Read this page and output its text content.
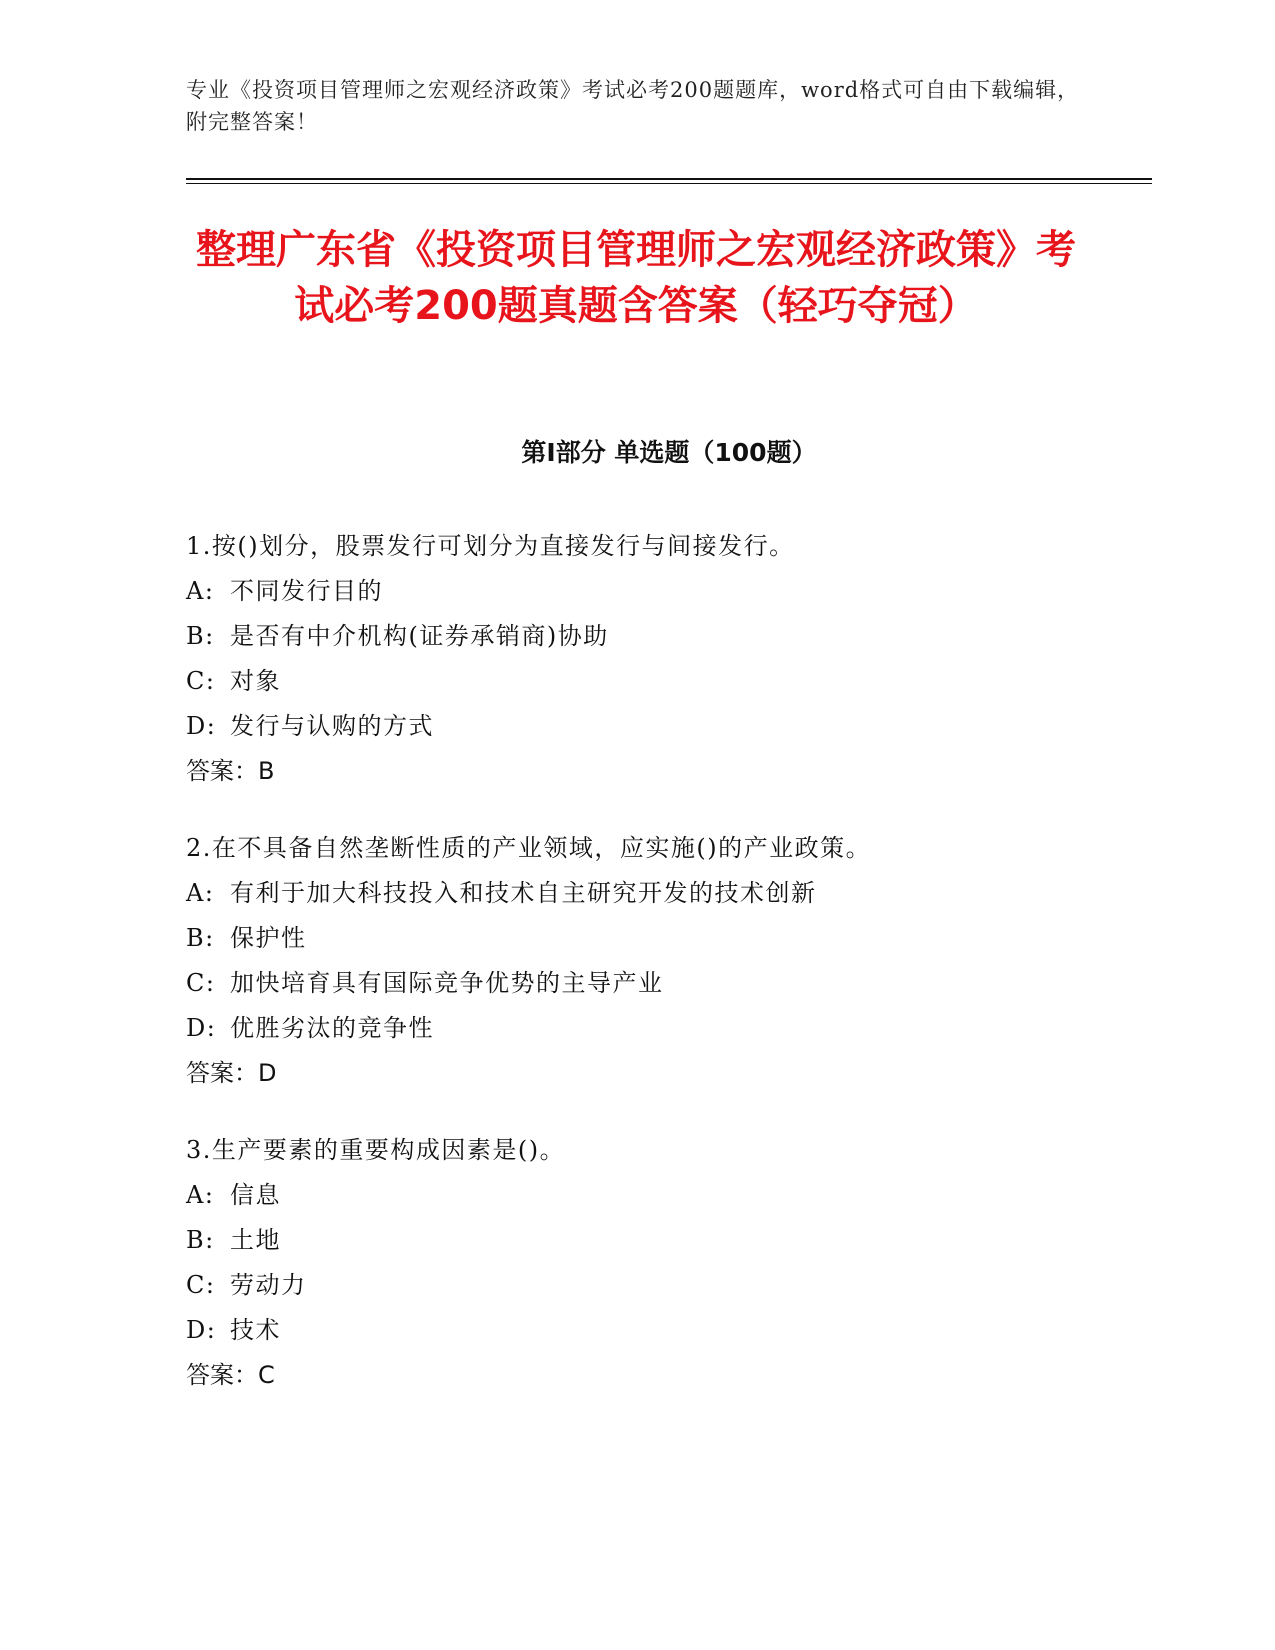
专业《投资项目管理师之宏观经济政策》考试必考200题题库，word格式可自由下载编辑，附完整答案！
整理广东省《投资项目管理师之宏观经济政策》考试必考200题真题含答案（轻巧夺冠）
第Ⅰ部分 单选题（100题）
1.按()划分，股票发行可划分为直接发行与间接发行。
A: 不同发行目的
B: 是否有中介机构(证券承销商)协助
C: 对象
D: 发行与认购的方式
答案：B
2.在不具备自然垄断性质的产业领域，应实施()的产业政策。
A: 有利于加大科技投入和技术自主研究开发的技术创新
B: 保护性
C: 加快培育具有国际竞争优势的主导产业
D: 优胜劣汰的竞争性
答案：D
3.生产要素的重要构成因素是()。
A: 信息
B: 土地
C: 劳动力
D: 技术
答案：C
